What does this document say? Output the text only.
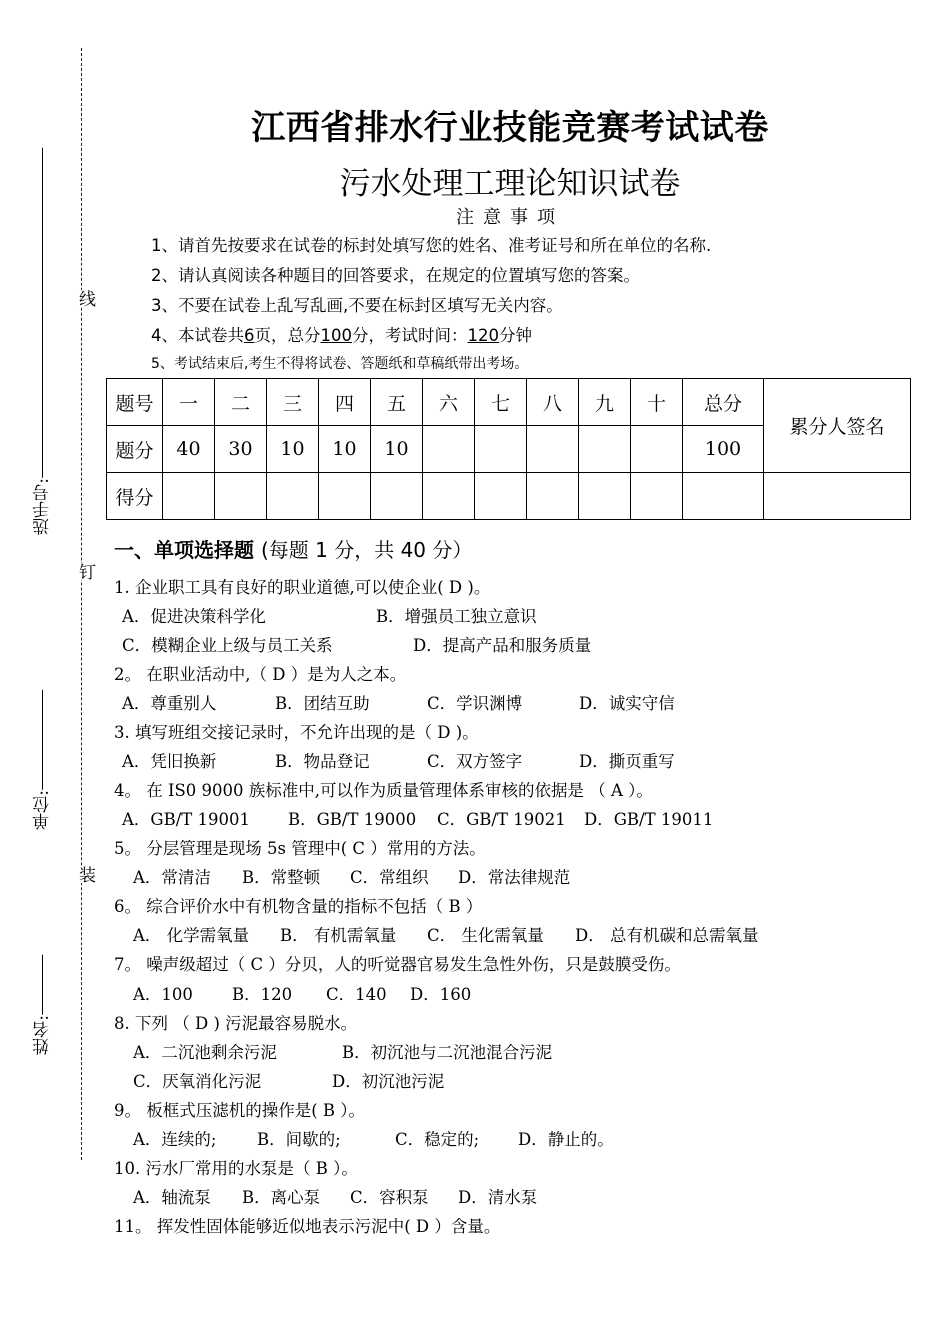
线
钉
装
选手号:
单位:
姓名:
江西省排水行业技能竞赛考试试卷
污水处理工理论知识试卷
注意事项
1、请首先按要求在试卷的标封处填写您的姓名、准考证号和所在单位的名称.
2、请认真阅读各种题目的回答要求，在规定的位置填写您的答案。
3、不要在试卷上乱写乱画,不要在标封区填写无关内容。
4、本试卷共6页，总分100分，考试时间：120分钟
5、考试结束后,考生不得将试卷、答题纸和草稿纸带出考场。
题号	一	二	三	四	五	六	七	八	九	十	总分	累分人签名
题分	40	30	10	10	10						100	
得分												
一、单项选择题 (每题 1 分，共 40 分）
1. 企业职工具有良好的职业道德,可以使企业( D )。
A．促进决策科学化	B．增强员工独立意识
C．模糊企业上级与员工关系	D．提高产品和服务质量
2。 在职业活动中,（ D ）是为人之本。
A．尊重别人	B．团结互助	C．学识渊博	D．诚实守信
3. 填写班组交接记录时，不允许出现的是（ D )。
A．凭旧换新	B．物品登记	C．双方签字	D．撕页重写
4。 在 IS0 9000 族标准中,可以作为质量管理体系审核的依据是 （ A ）。
A．GB/T 19001 B．GB/T 19000 C．GB/T 19021 D．GB/T 19011
5。 分层管理是现场 5s 管理中( C ）常用的方法。
A．常清洁 B．常整顿 C．常组织 D．常法律规范
6。 综合评价水中有机物含量的指标不包括（ B ）
A． 化学需氧量 B． 有机需氧量 C． 生化需氧量 D． 总有机碳和总需氧量
7。 噪声级超过（ C ）分贝，人的听觉器官易发生急性外伤，只是鼓膜受伤。
A．100 B．120 C．140 D．160
8. 下列 （ D ) 污泥最容易脱水。
A．二沉池剩余污泥	B．初沉池与二沉池混合污泥
C．厌氧消化污泥	D．初沉池污泥
9。 板框式压滤机的操作是( B ）。
A．连续的; B．间歇的;	C．稳定的; D．静止的。
10. 污水厂常用的水泵是（ B ）。
A．轴流泵 B．离心泵 C．容积泵 D．清水泵
11。 挥发性固体能够近似地表示污泥中( D ）含量。
